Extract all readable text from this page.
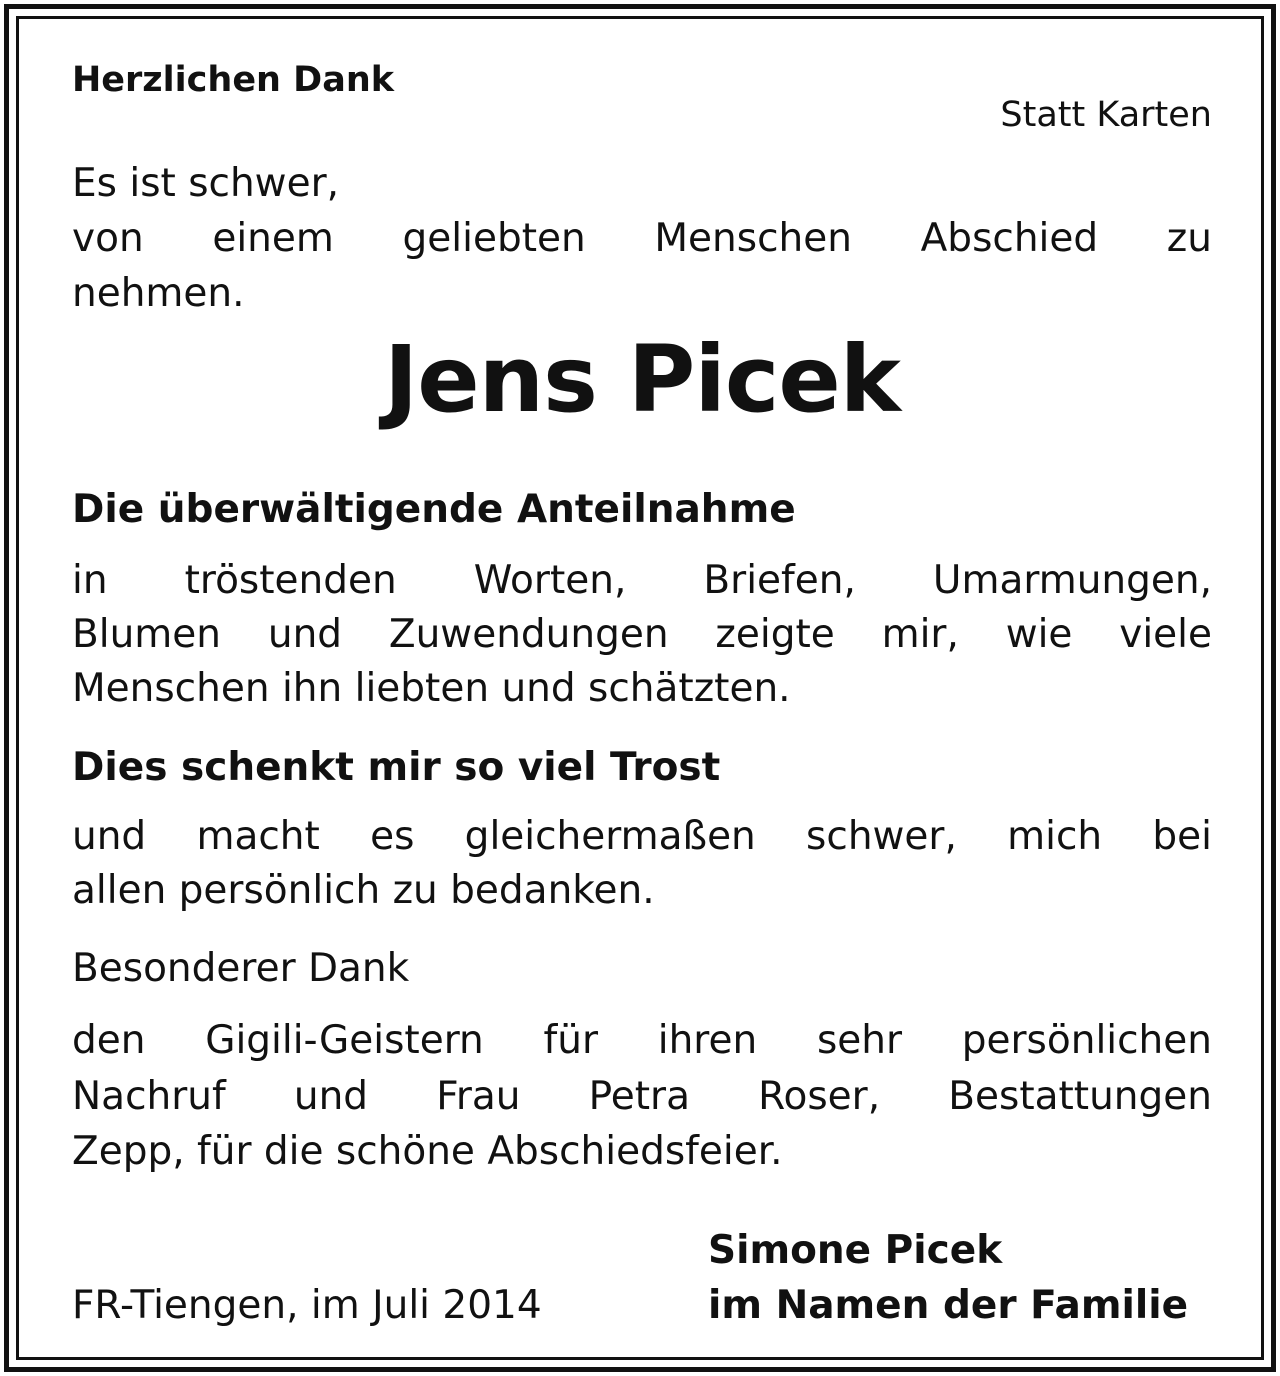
Herzlichen Dank

Statt Karten

Es ist schwer,

von einem geliebten Menschen Abschied zu

nehmen.

Jens Picek

Die überwältigende Anteilnahme

in tröstenden Worten, Briefen, Umarmungen,

Blumen und Zuwendungen zeigte mir, wie viele

Menschen ihn liebten und schätzten.

Dies schenkt mir so viel Trost

und macht es gleichermaßen schwer, mich bei

allen persönlich zu bedanken.

Besonderer Dank

den Gigili-Geistern für ihren sehr persönlichen

Nachruf und Frau Petra Roser, Bestattungen

Zepp, für die schöne Abschiedsfeier.

FR-Tiengen, im Juli 2014

Simone Picek

im Namen der Familie
